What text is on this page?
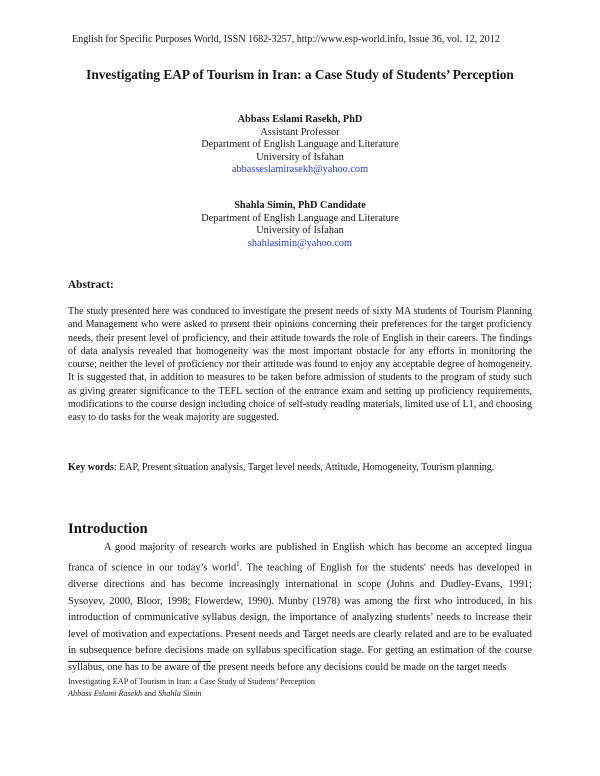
English for Specific Purposes World, ISSN 1682-3257, http://www.esp-world.info, Issue 36, vol. 12, 2012
Investigating EAP of Tourism in Iran: a Case Study of Students’ Perception
Abbass Eslami Rasekh, PhD
Assistant Professor
Department of English Language and Literature
University of Isfahan
abbasseslamirasekh@yahoo.com
Shahla Simin, PhD Candidate
Department of English Language and Literature
University of Isfahan
shahlasimin@yahoo.com
Abstract:
The study presented here was conduced to investigate the present needs of sixty MA students of Tourism Planning and Management who were asked to present their opinions concerning their preferences for the target proficiency needs, their present level of proficiency, and their attitude towards the role of English in their careers. The findings of data analysis revealed that homogeneity was the most important obstacle for any efforts in monitoring the course; neither the level of proficiency nor their attitude was found to enjoy any acceptable degree of homogeneity. It is suggested that, in addition to measures to be taken before admission of students to the program of study such as giving greater significance to the TEFL section of the entrance exam and setting up proficiency requirements, modifications to the course design including choice of self-study reading materials, limited use of L1, and choosing easy to do tasks for the weak majority are suggested.
Key words: EAP, Present situation analysis, Target level needs, Attitude, Homogeneity, Tourism planning.
Introduction

A good majority of research works are published in English which has become an accepted lingua franca of science in our today’s world$^1$. The teaching of English for the students' needs has developed in diverse directions and has become increasingly international in scope (Johns and Dudley-Evans, 1991; Sysoyev, 2000, Bloor, 1998; Flowerdew, 1990). Munby (1978) was among the first who introduced, in his introduction of communicative syllabus design, the importance of analyzing students’ needs to increase their level of motivation and expectations. Present needs and Target needs are clearly related and are to be evaluated in subsequence before decisions made on syllabus specification stage. For getting an estimation of the course syllabus, one has to be aware of the present needs before any decisions could be made on the target needs

Investigating EAP of Tourism in Iran: a Case Study of Students’ Perception
Abbass Eslami Rasekh and Shahla Simin
